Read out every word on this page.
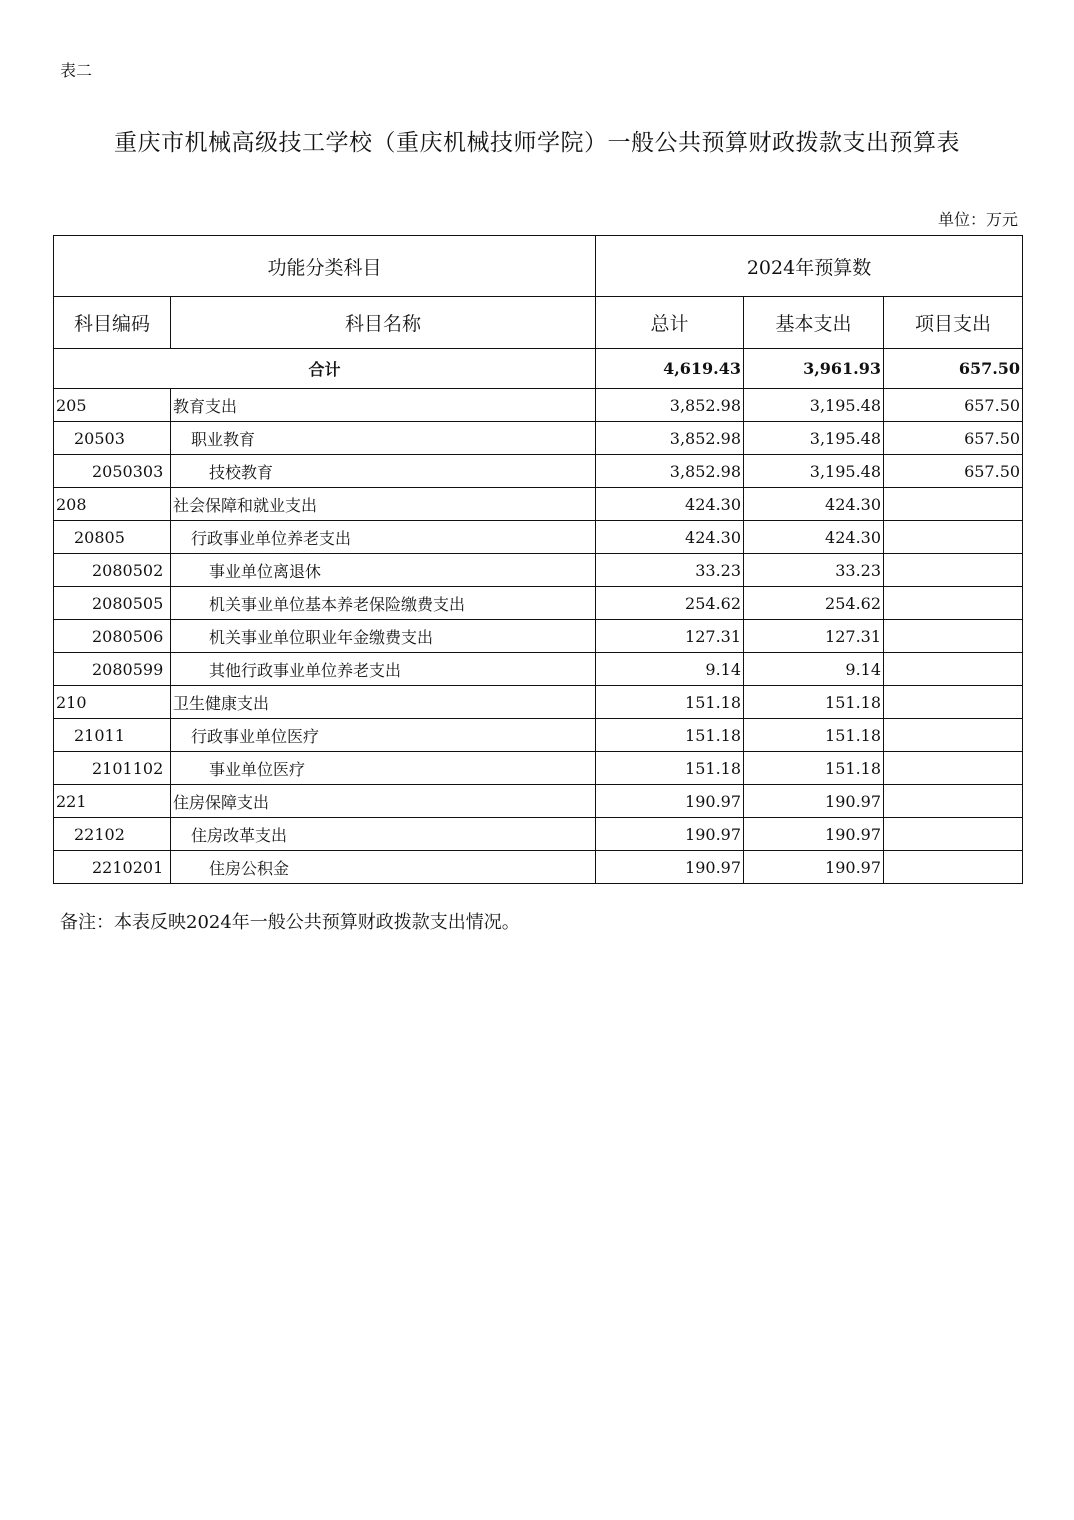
表二
重庆市机械高级技工学校（重庆机械技师学院）一般公共预算财政拨款支出预算表
单位：万元
功能分类科目		2024年预算数		
科目编码	科目名称	总计	基本支出	项目支出
合计		4,619.43	3,961.93	657.50
205	教育支出	3,852.98	3,195.48	657.50
20503	职业教育	3,852.98	3,195.48	657.50
2050303	技校教育	3,852.98	3,195.48	657.50
208	社会保障和就业支出	424.30	424.30	
20805	行政事业单位养老支出	424.30	424.30	
2080502	事业单位离退休	33.23	33.23	
2080505	机关事业单位基本养老保险缴费支出	254.62	254.62	
2080506	机关事业单位职业年金缴费支出	127.31	127.31	
2080599	其他行政事业单位养老支出	9.14	9.14	
210	卫生健康支出	151.18	151.18	
21011	行政事业单位医疗	151.18	151.18	
2101102	事业单位医疗	151.18	151.18	
221	住房保障支出	190.97	190.97	
22102	住房改革支出	190.97	190.97	
2210201	住房公积金	190.97	190.97	
备注：本表反映2024年一般公共预算财政拨款支出情况。
